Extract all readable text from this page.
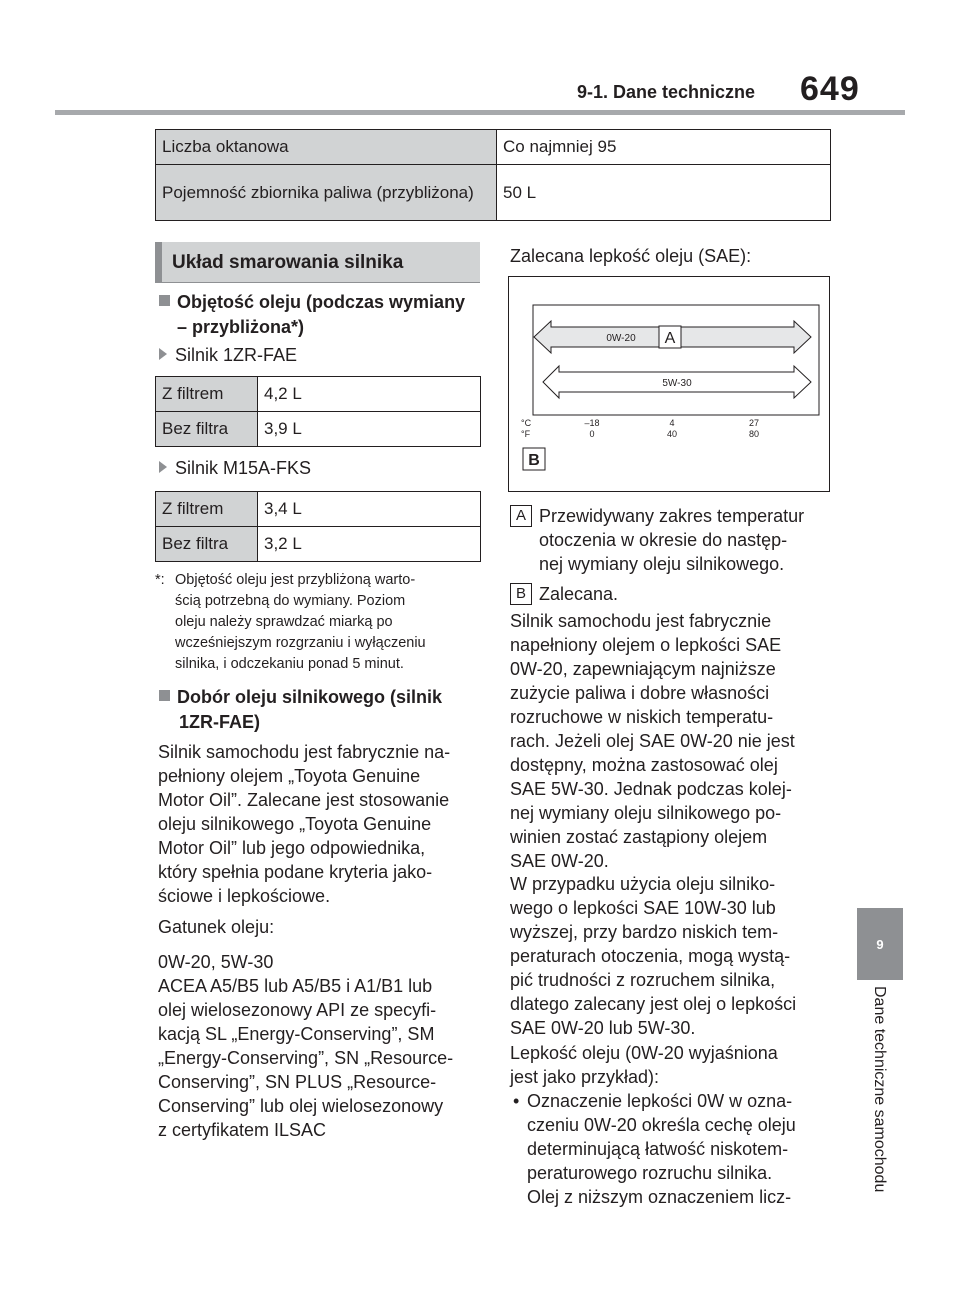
9-1. Dane techniczne 649
Liczba oktanowa	Co najmniej 95
Pojemność zbiornika paliwa (przybliżona)	50 L
Układ smarowania silnika
Objętość oleju (podczas wymiany – przybliżona*)
Silnik 1ZR-FAE
Z filtrem	4,2 L
Bez filtra	3,9 L
Silnik M15A-FKS
Z filtrem	3,4 L
Bez filtra	3,2 L
*: Objętość oleju jest przybliżoną warto-
ścią potrzebną do wymiany. Poziom
oleju należy sprawdzać miarką po
wcześniejszym rozgrzaniu i wyłączeniu
silnika, i odczekaniu ponad 5 minut.
Dobór oleju silnikowego (silnik
1ZR-FAE)
Silnik samochodu jest fabrycznie na-
pełniony olejem „Toyota Genuine
Motor Oil”. Zalecane jest stosowanie
oleju silnikowego „Toyota Genuine
Motor Oil” lub jego odpowiednika,
który spełnia podane kryteria jako-
ściowe i lepkościowe.
Gatunek oleju:
0W-20, 5W-30
ACEA A5/B5 lub A5/B5 i A1/B1 lub
olej wielosezonowy API ze specyfi-
kacją SL „Energy-Conserving”, SM
„Energy-Conserving”, SN „Resource-
Conserving”, SN PLUS „Resource-
Conserving” lub olej wielosezonowy
z certyfikatem ILSAC
Zalecana lepkość oleju (SAE):
0W-20 A
5W-30
°C
°F
–18	4	27
0	40	80
B
A Przewidywany zakres temperatur
otoczenia w okresie do następ-
nej wymiany oleju silnikowego.
B Zalecana.
Silnik samochodu jest fabrycznie
napełniony olejem o lepkości SAE
0W-20, zapewniającym najniższe
zużycie paliwa i dobre własności
rozruchowe w niskich temperatu-
rach. Jeżeli olej SAE 0W-20 nie jest
dostępny, można zastosować olej
SAE 5W-30. Jednak podczas kolej-
nej wymiany oleju silnikowego po-
winien zostać zastąpiony olejem
SAE 0W-20.
W przypadku użycia oleju silniko-
wego o lepkości SAE 10W-30 lub
wyższej, przy bardzo niskich tem-
peraturach otoczenia, mogą wystą-
pić trudności z rozruchem silnika,
dlatego zalecany jest olej o lepkości
SAE 0W-20 lub 5W-30.
Lepkość oleju (0W-20 wyjaśniona
jest jako przykład):
• Oznaczenie lepkości 0W w ozna-
czeniu 0W-20 określa cechę oleju
determinującą łatwość niskotem-
peraturowego rozruchu silnika.
Olej z niższym oznaczeniem licz-
9
Dane techniczne samochodu
